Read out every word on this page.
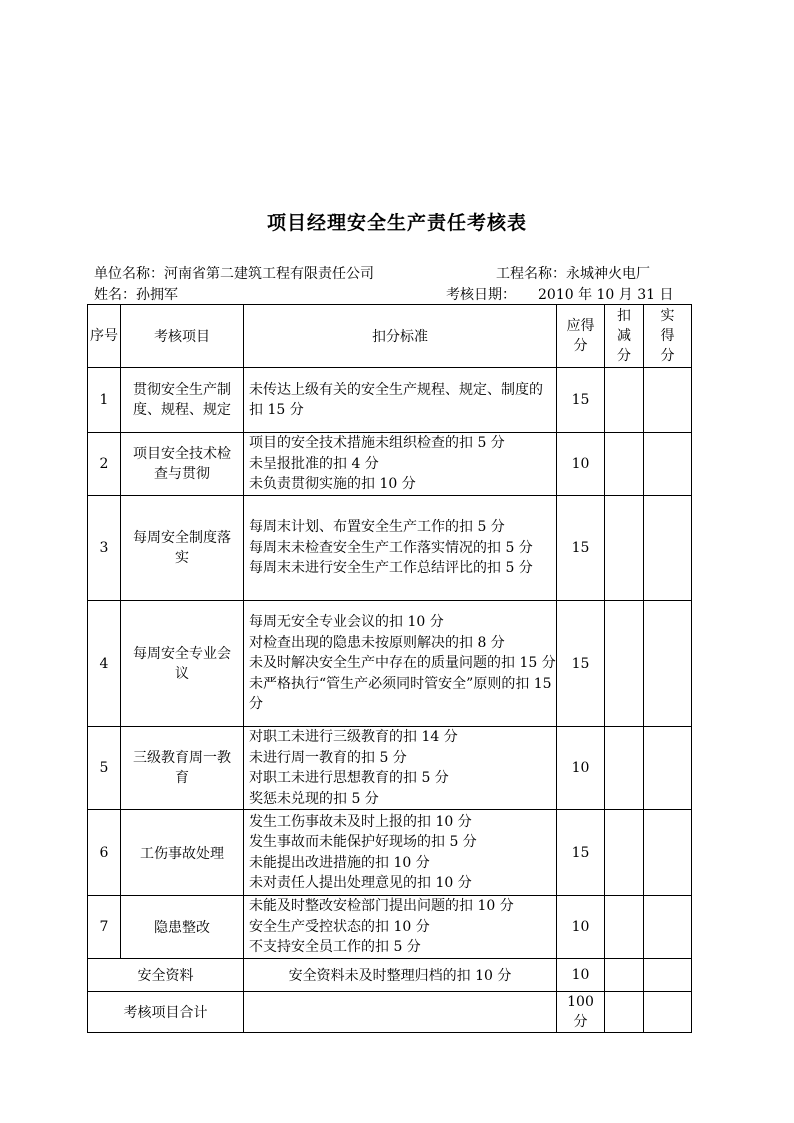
项目经理安全生产责任考核表
单位名称：河南省第二建筑工程有限责任公司	工程名称：永城神火电厂
姓名：孙拥军	考核日期： 2010 年 10 月 31 日
序号	考核项目	扣分标准	应得分	扣减分	实得分
1	贯彻安全生产制度、规程、规定	未传达上级有关的安全生产规程、规定、制度的扣 15 分	15		
2	项目安全技术检查与贯彻	项目的安全技术措施未组织检查的扣 5 分
未呈报批准的扣 4 分
未负责贯彻实施的扣 10 分	10		
3	每周安全制度落实	每周末计划、布置安全生产工作的扣 5 分
每周末未检查安全生产工作落实情况的扣 5 分
每周末未进行安全生产工作总结评比的扣 5 分	15		
4	每周安全专业会议	每周无安全专业会议的扣 10 分
对检查出现的隐患未按原则解决的扣 8 分
未及时解决安全生产中存在的质量问题的扣 15 分
未严格执行“管生产必须同时管安全”原则的扣 15 分	15		
5	三级教育周一教育	对职工未进行三级教育的扣 14 分
未进行周一教育的扣 5 分
对职工未进行思想教育的扣 5 分
奖惩未兑现的扣 5 分	10		
6	工伤事故处理	发生工伤事故未及时上报的扣 10 分
发生事故而未能保护好现场的扣 5 分
未能提出改进措施的扣 10 分
未对责任人提出处理意见的扣 10 分	15		
7	隐患整改	未能及时整改安检部门提出问题的扣 10 分
安全生产受控状态的扣 10 分
不支持安全员工作的扣 5 分	10		
安全资料		安全资料未及时整理归档的扣 10 分	10		
考核项目合计			100 分		
